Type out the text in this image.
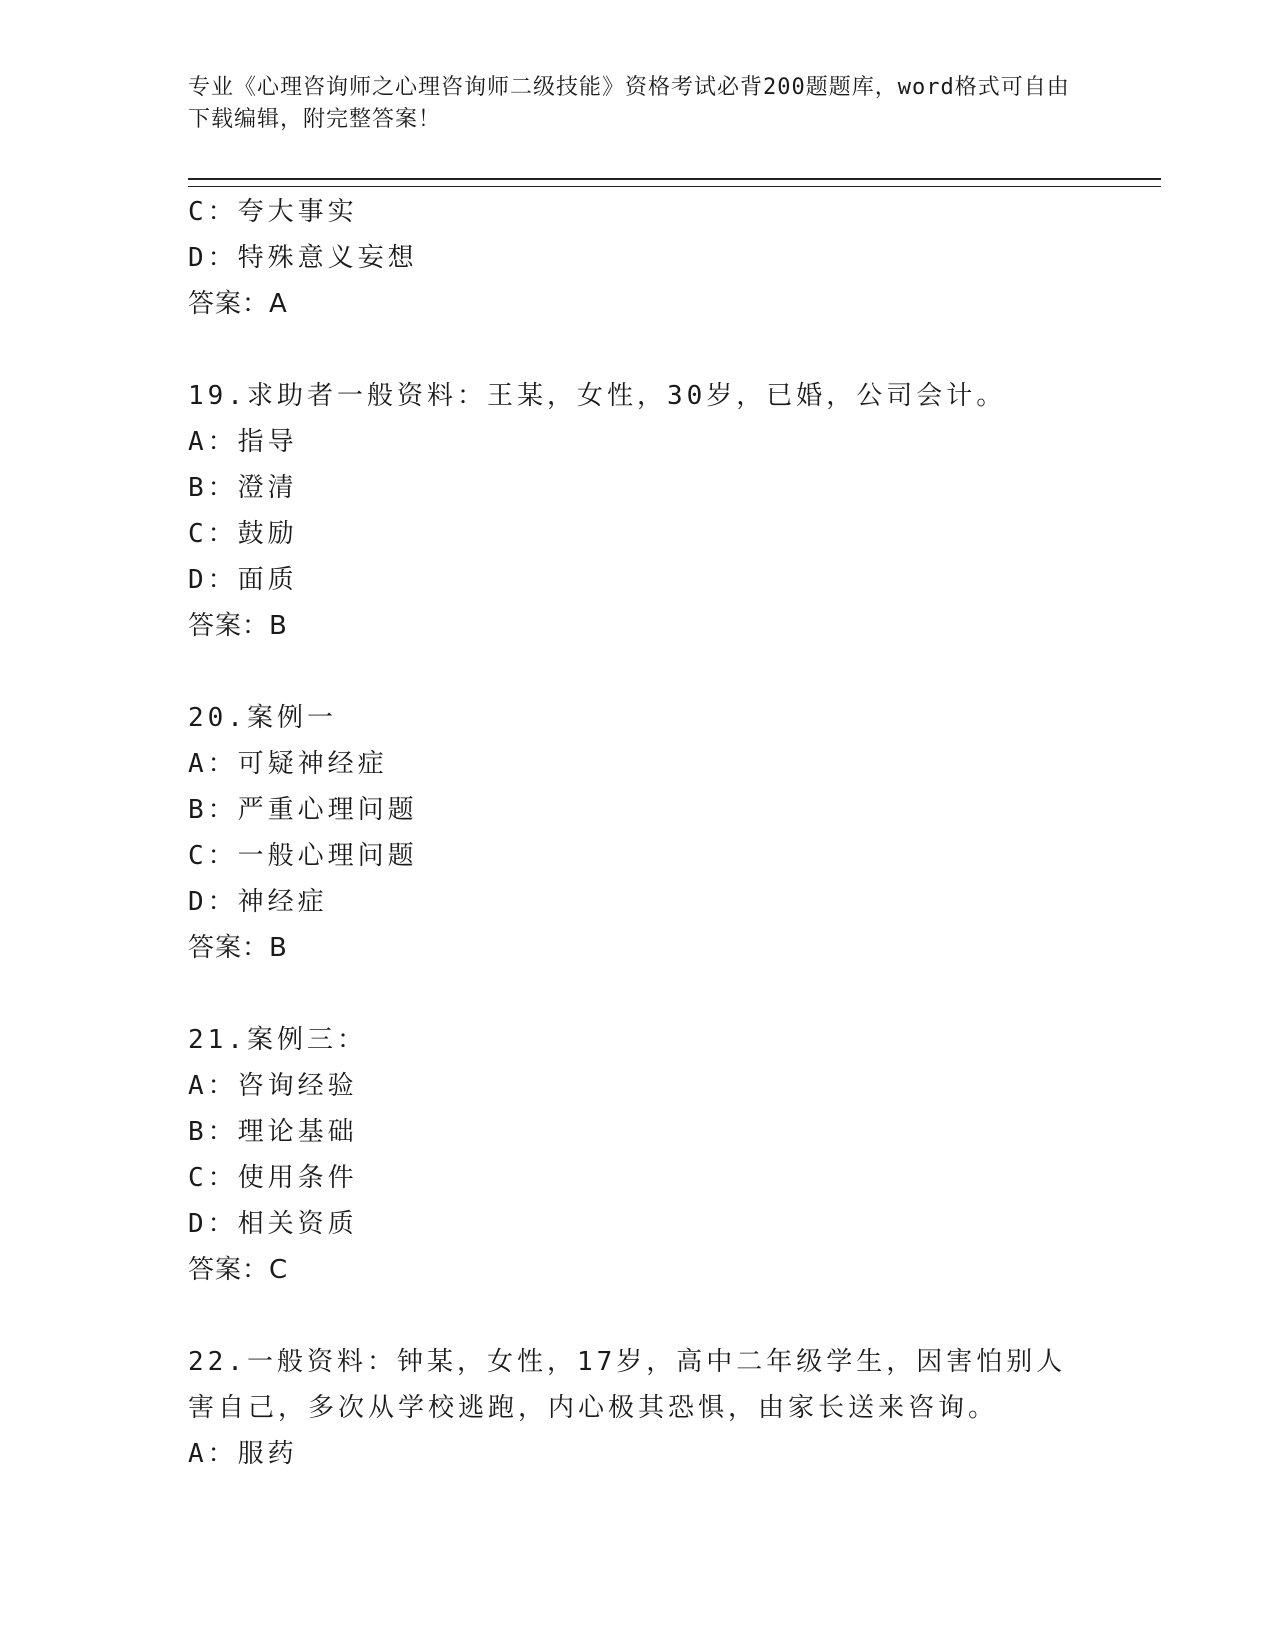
专业《心理咨询师之心理咨询师二级技能》资格考试必背200题题库，word格式可自由下载编辑，附完整答案！
C：夸大事实
D：特殊意义妄想
答案：A
19.求助者一般资料：王某，女性，30岁，已婚，公司会计。
A：指导
B：澄清
C：鼓励
D：面质
答案：B
20.案例一
A：可疑神经症
B：严重心理问题
C：一般心理问题
D：神经症
答案：B
21.案例三：
A：咨询经验
B：理论基础
C：使用条件
D：相关资质
答案：C
22.一般资料：钟某，女性，17岁，高中二年级学生，因害怕别人害自己，多次从学校逃跑，内心极其恐惧，由家长送来咨询。
A：服药
